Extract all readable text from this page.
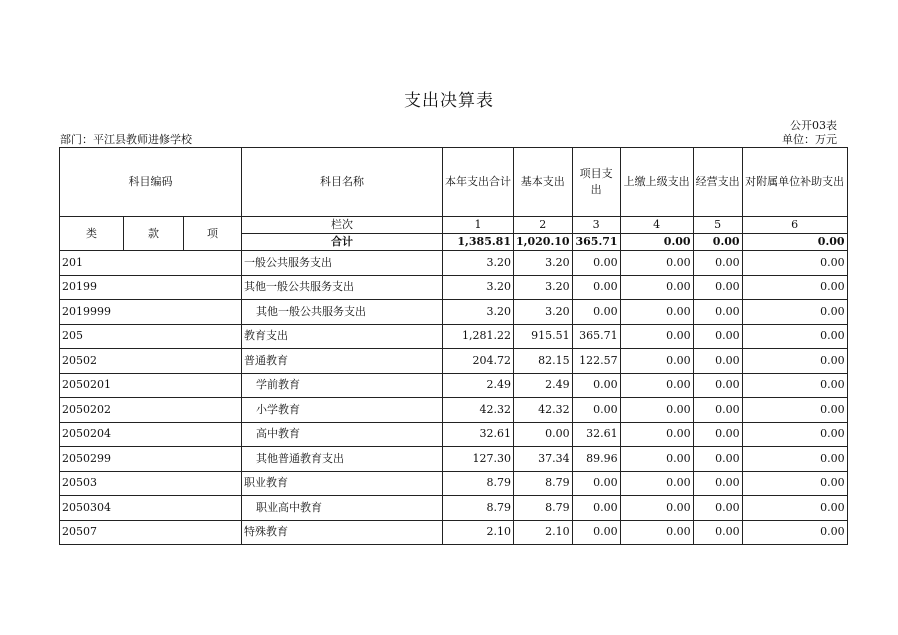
支出决算表
公开03表
部门：平江县教师进修学校	单位：万元
科目编码			科目名称	本年支出合计	基本支出	项目支出	上缴上级支出	经营支出	对附属单位补助支出
类	款	项	栏次	1	2	3	4	5	6
			合计	1,385.81	1,020.10	365.71	0.00	0.00	0.00
201			一般公共服务支出	3.20	3.20	0.00	0.00	0.00	0.00
20199			其他一般公共服务支出	3.20	3.20	0.00	0.00	0.00	0.00
2019999			其他一般公共服务支出	3.20	3.20	0.00	0.00	0.00	0.00
205			教育支出	1,281.22	915.51	365.71	0.00	0.00	0.00
20502			普通教育	204.72	82.15	122.57	0.00	0.00	0.00
2050201			学前教育	2.49	2.49	0.00	0.00	0.00	0.00
2050202			小学教育	42.32	42.32	0.00	0.00	0.00	0.00
2050204			高中教育	32.61	0.00	32.61	0.00	0.00	0.00
2050299			其他普通教育支出	127.30	37.34	89.96	0.00	0.00	0.00
20503			职业教育	8.79	8.79	0.00	0.00	0.00	0.00
2050304			职业高中教育	8.79	8.79	0.00	0.00	0.00	0.00
20507			特殊教育	2.10	2.10	0.00	0.00	0.00	0.00
